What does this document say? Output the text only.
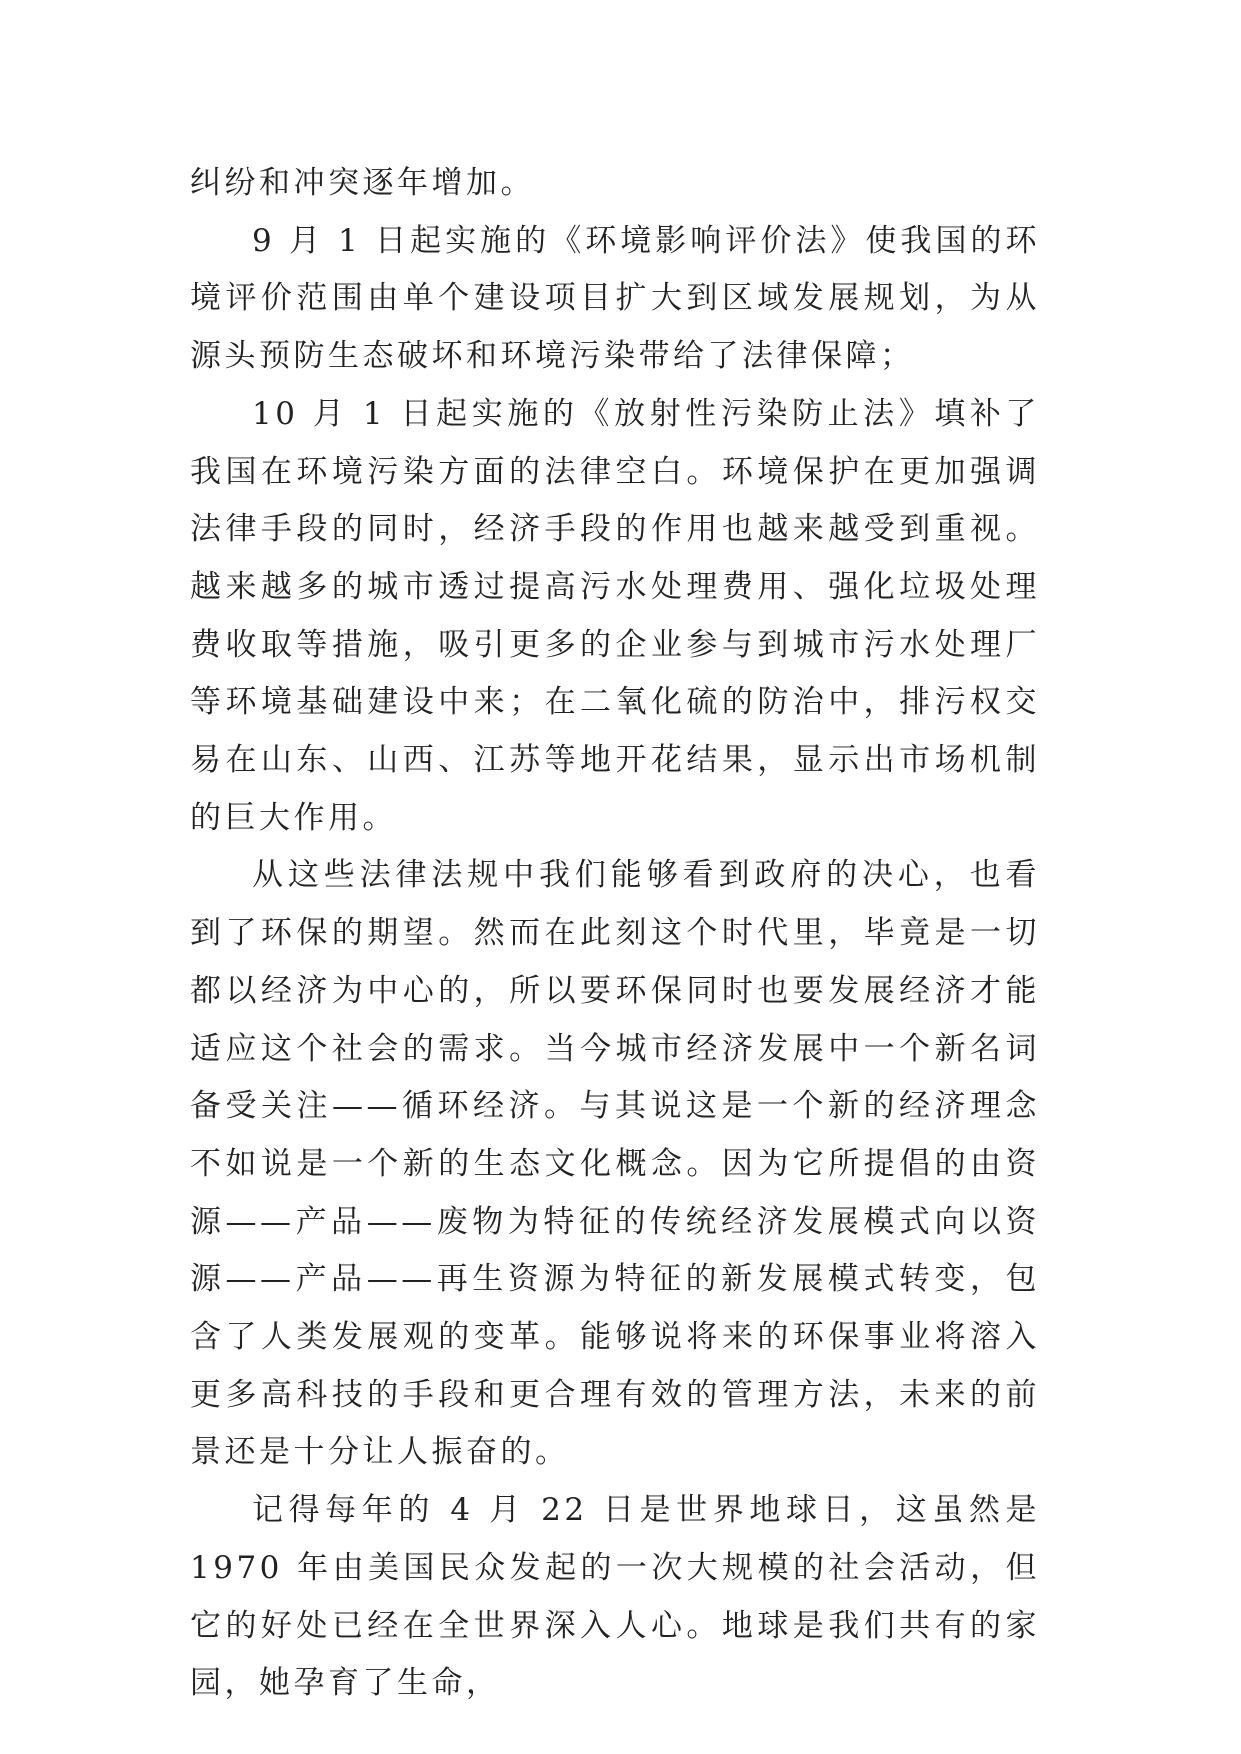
纠纷和冲突逐年增加。

9 月 1 日起实施的《环境影响评价法》使我国的环境评价范围由单个建设项目扩大到区域发展规划，为从源头预防生态破坏和环境污染带给了法律保障；

10 月 1 日起实施的《放射性污染防止法》填补了我国在环境污染方面的法律空白。环境保护在更加强调法律手段的同时，经济手段的作用也越来越受到重视。越来越多的城市透过提高污水处理费用、强化垃圾处理费收取等措施，吸引更多的企业参与到城市污水处理厂等环境基础建设中来；在二氧化硫的防治中，排污权交易在山东、山西、江苏等地开花结果，显示出市场机制的巨大作用。

从这些法律法规中我们能够看到政府的决心，也看到了环保的期望。然而在此刻这个时代里，毕竟是一切都以经济为中心的，所以要环保同时也要发展经济才能适应这个社会的需求。当今城市经济发展中一个新名词备受关注——循环经济。与其说这是一个新的经济理念不如说是一个新的生态文化概念。因为它所提倡的由资源——产品——废物为特征的传统经济发展模式向以资源——产品——再生资源为特征的新发展模式转变，包含了人类发展观的变革。能够说将来的环保事业将溶入更多高科技的手段和更合理有效的管理方法，未来的前景还是十分让人振奋的。

记得每年的 4 月 22 日是世界地球日，这虽然是 1970 年由美国民众发起的一次大规模的社会活动，但它的好处已经在全世界深入人心。地球是我们共有的家园，她孕育了生命，
